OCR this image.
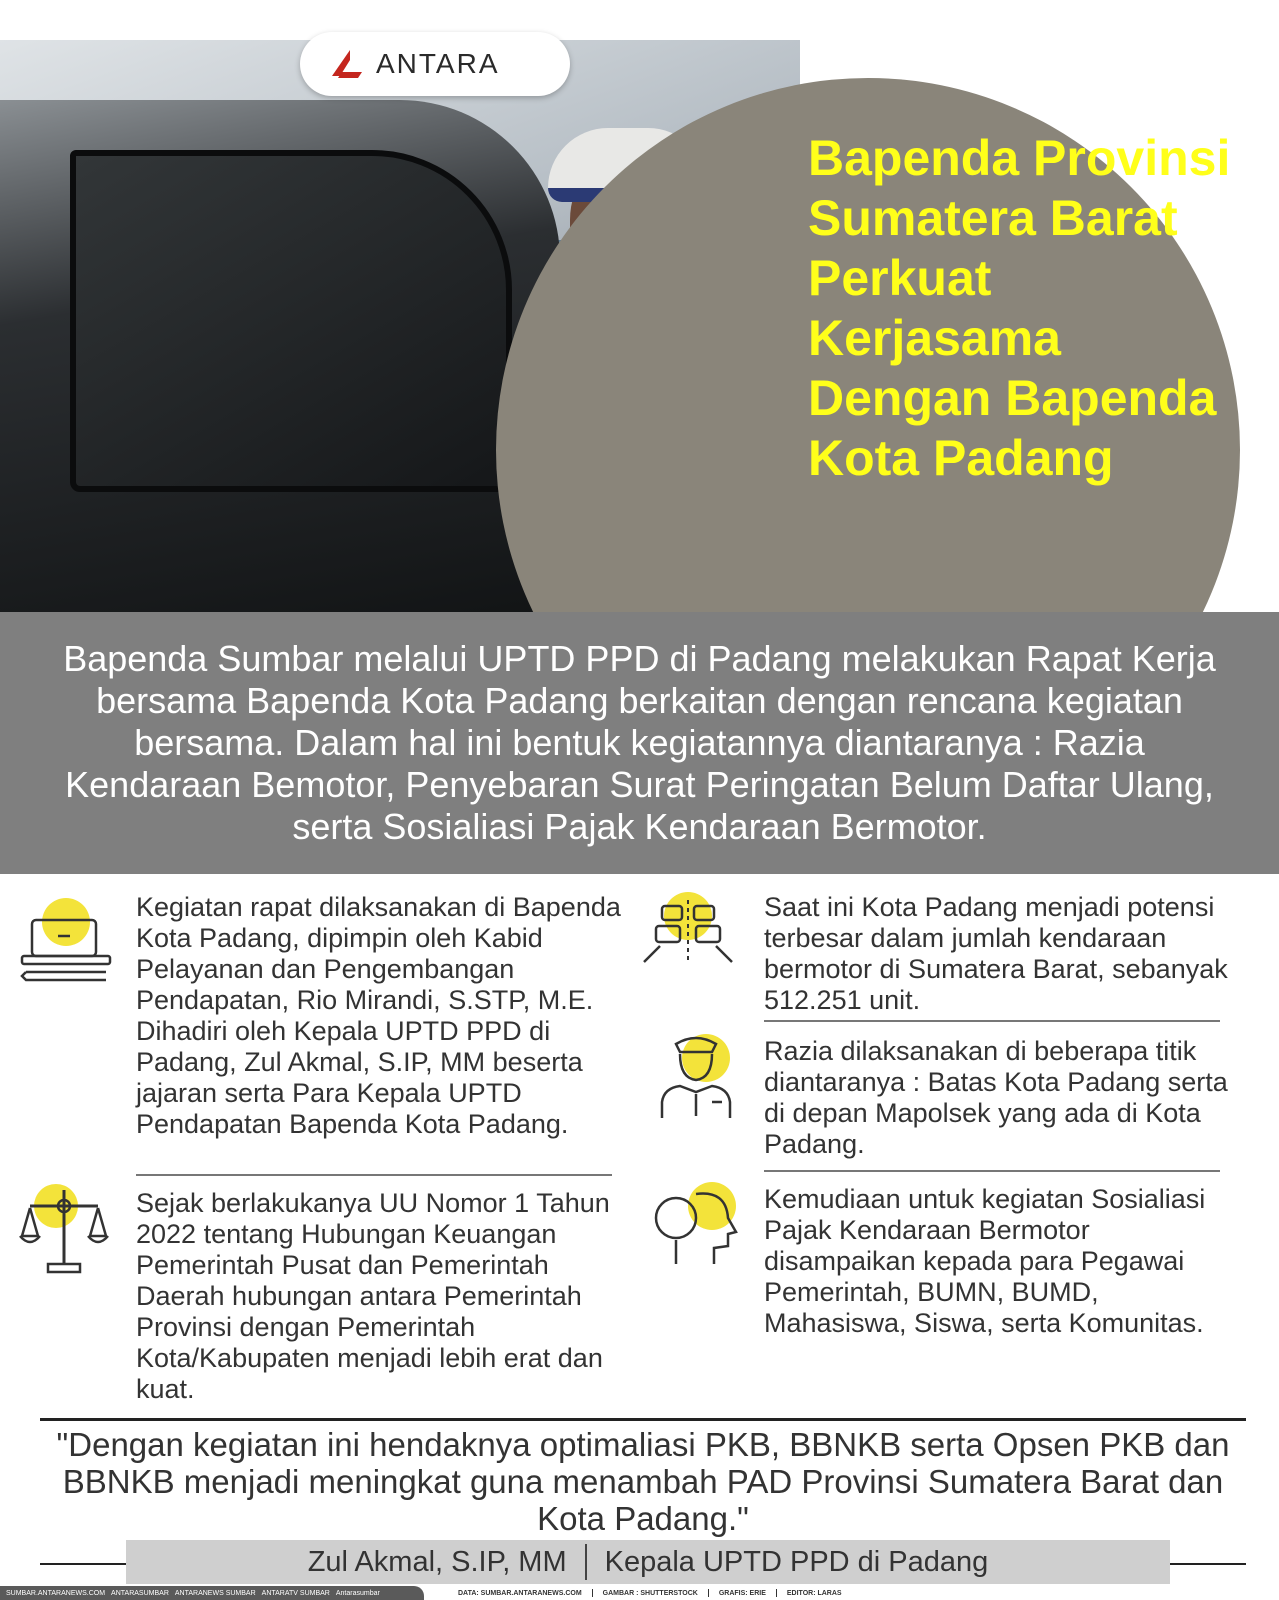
Bapenda Provinsi Sumatera Barat Perkuat Kerjasama Dengan Bapenda Kota Padang
ANTARA

Bapenda Sumbar melalui UPTD PPD di Padang melakukan Rapat Kerja bersama Bapenda Kota Padang berkaitan dengan rencana kegiatan bersama. Dalam hal ini bentuk kegiatannya diantaranya : Razia Kendaraan Bemotor, Penyebaran Surat Peringatan Belum Daftar Ulang, serta Sosialiasi Pajak Kendaraan Bermotor.

Kegiatan rapat dilaksanakan di Bapenda Kota Padang, dipimpin oleh Kabid Pelayanan dan Pengembangan Pendapatan, Rio Mirandi, S.STP, M.E. Dihadiri oleh Kepala UPTD PPD di Padang, Zul Akmal, S.IP, MM beserta jajaran serta Para Kepala UPTD Pendapatan Bapenda Kota Padang.

Sejak berlakukanya UU Nomor 1 Tahun 2022 tentang Hubungan Keuangan Pemerintah Pusat dan Pemerintah Daerah hubungan antara Pemerintah Provinsi dengan Pemerintah Kota/Kabupaten menjadi lebih erat dan kuat.

Saat ini Kota Padang menjadi potensi terbesar dalam jumlah kendaraan bermotor di Sumatera Barat, sebanyak 512.251 unit.

Razia dilaksanakan di beberapa titik diantaranya : Batas Kota Padang serta di depan Mapolsek yang ada di Kota Padang.

Kemudiaan untuk kegiatan Sosialiasi Pajak Kendaraan Bermotor disampaikan kepada para Pegawai Pemerintah, BUMN, BUMD, Mahasiswa, Siswa, serta Komunitas.

"Dengan kegiatan ini hendaknya optimaliasi PKB, BBNKB serta Opsen PKB dan BBNKB menjadi meningkat guna menambah PAD Provinsi Sumatera Barat dan Kota Padang."

Zul Akmal, S.IP, MM	Kepala UPTD PPD di Padang
SUMBAR.ANTARANEWS.COM ANTARASUMBAR ANTARANEWS SUMBAR ANTARATV SUMBAR Antarasumbar	DATA: SUMBAR.ANTARANEWS.COM	GAMBAR : SHUTTERSTOCK	GRAFIS: ERIE	EDITOR: LARAS
